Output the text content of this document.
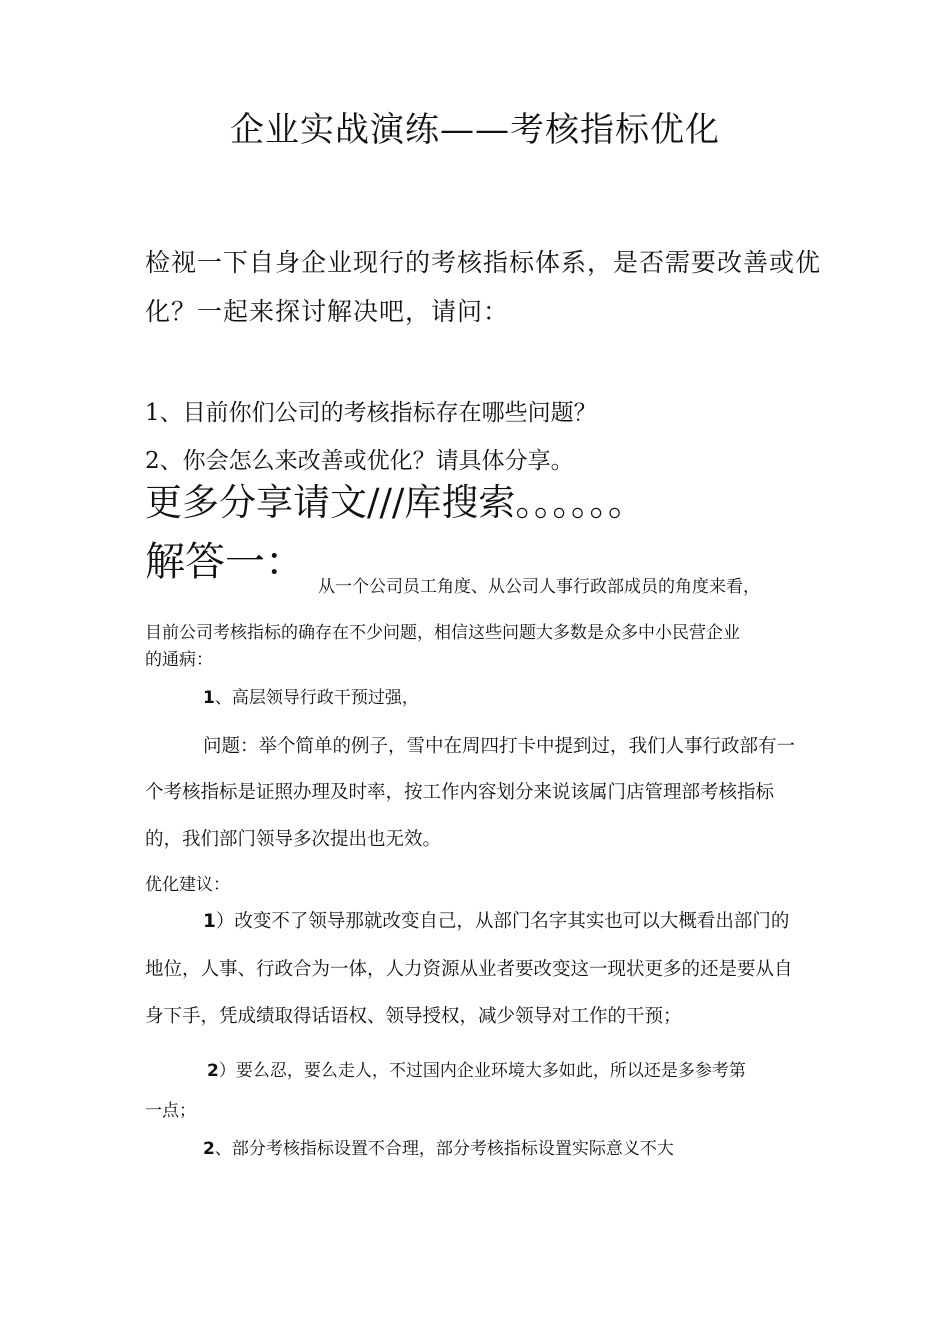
企业实战演练——考核指标优化
检视一下自身企业现行的考核指标体系，是否需要改善或优
化？一起来探讨解决吧，请问：
1、目前你们公司的考核指标存在哪些问题？
2、你会怎么来改善或优化？请具体分享。
更多分享请文///库搜索。。。。。。
解答一：
从一个公司员工角度、从公司人事行政部成员的角度来看，
目前公司考核指标的确存在不少问题，相信这些问题大多数是众多中小民营企业
的通病：
1、高层领导行政干预过强，
问题：举个简单的例子，雪中在周四打卡中提到过，我们人事行政部有一
个考核指标是证照办理及时率，按工作内容划分来说该属门店管理部考核指标
的，我们部门领导多次提出也无效。
优化建议：
1）改变不了领导那就改变自己，从部门名字其实也可以大概看出部门的
地位，人事、行政合为一体，人力资源从业者要改变这一现状更多的还是要从自
身下手，凭成绩取得话语权、领导授权，减少领导对工作的干预；
2）要么忍，要么走人，不过国内企业环境大多如此，所以还是多参考第
一点；
2、部分考核指标设置不合理，部分考核指标设置实际意义不大
